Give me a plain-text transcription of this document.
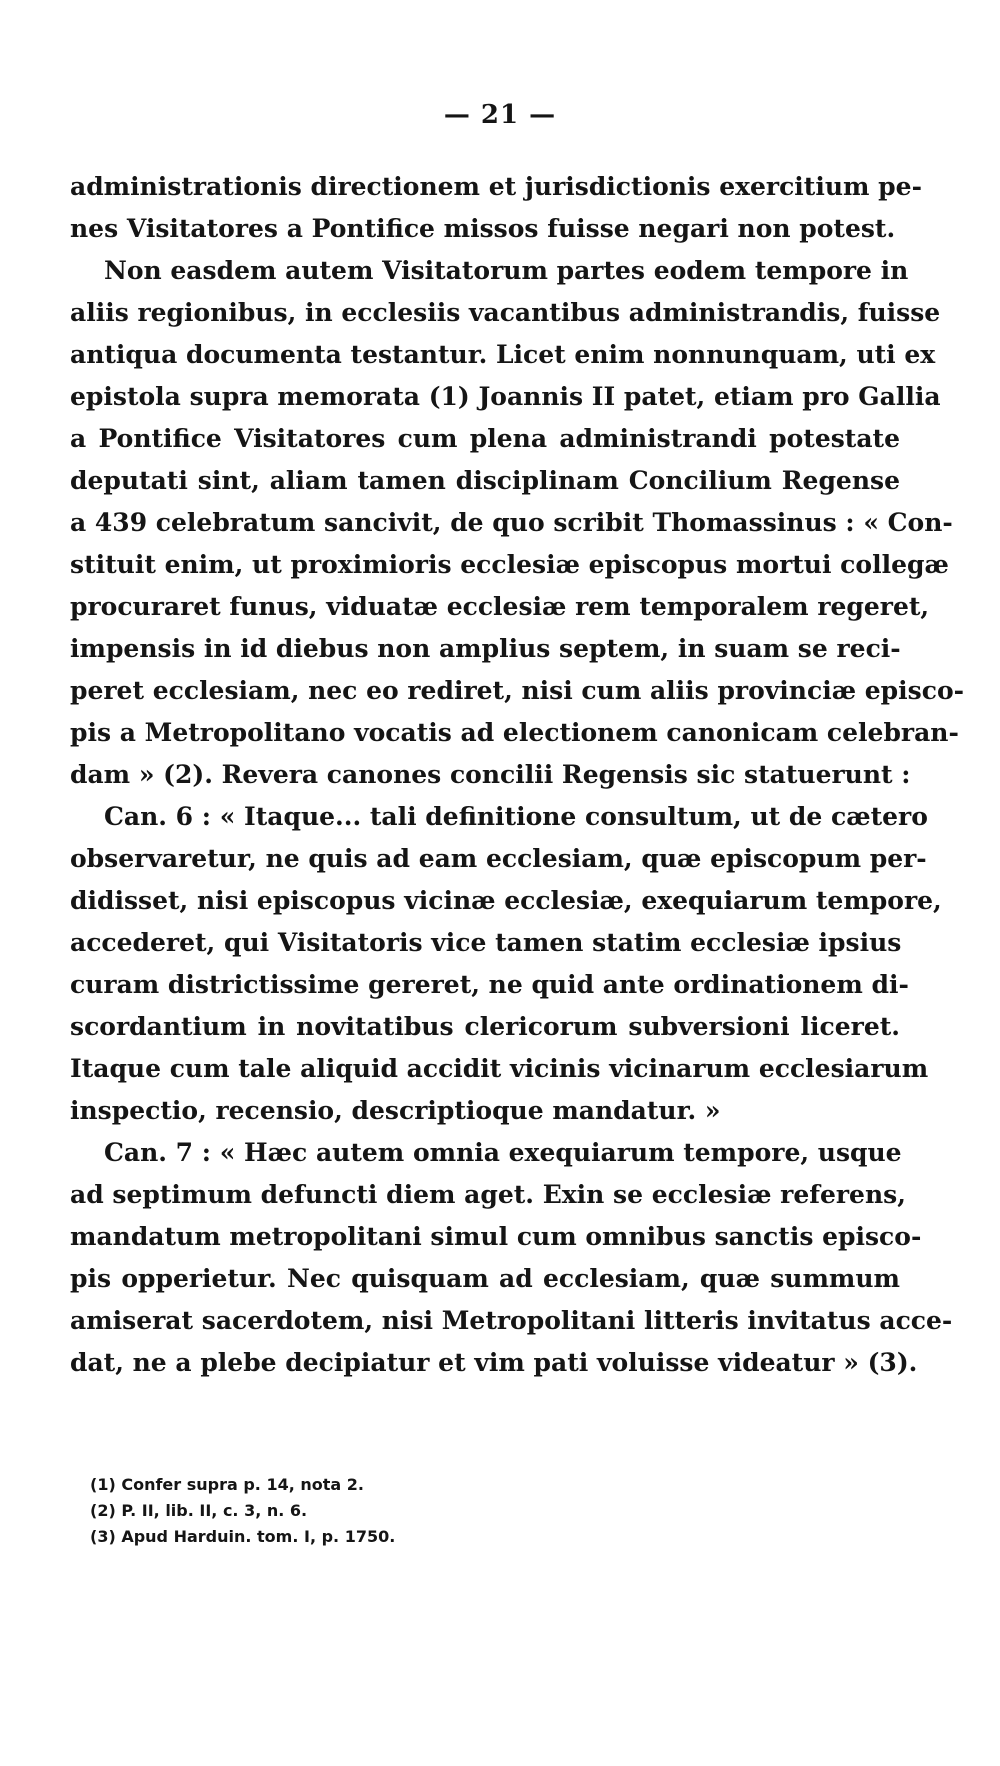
— 21 —
administrationis directionem et jurisdictionis exercitium pe-
nes Visitatores a Pontifice missos fuisse negari non potest.
Non easdem autem Visitatorum partes eodem tempore in
aliis regionibus, in ecclesiis vacantibus administrandis, fuisse
antiqua documenta testantur. Licet enim nonnunquam, uti ex
epistola supra memorata (1) Joannis II patet, etiam pro Gallia
a Pontifice Visitatores cum plena administrandi potestate
deputati sint, aliam tamen disciplinam Concilium Regense
a 439 celebratum sancivit, de quo scribit Thomassinus : « Con-
stituit enim, ut proximioris ecclesiæ episcopus mortui collegæ
procuraret funus, viduatæ ecclesiæ rem temporalem regeret,
impensis in id diebus non amplius septem, in suam se reci-
peret ecclesiam, nec eo rediret, nisi cum aliis provinciæ episco-
pis a Metropolitano vocatis ad electionem canonicam celebran-
dam » (2). Revera canones concilii Regensis sic statuerunt :
Can. 6 : « Itaque... tali definitione consultum, ut de cætero
observaretur, ne quis ad eam ecclesiam, quæ episcopum per-
didisset, nisi episcopus vicinæ ecclesiæ, exequiarum tempore,
accederet, qui Visitatoris vice tamen statim ecclesiæ ipsius
curam districtissime gereret, ne quid ante ordinationem di-
scordantium in novitatibus clericorum subversioni liceret.
Itaque cum tale aliquid accidit vicinis vicinarum ecclesiarum
inspectio, recensio, descriptioque mandatur. »
Can. 7 : « Hæc autem omnia exequiarum tempore, usque
ad septimum defuncti diem aget. Exin se ecclesiæ referens,
mandatum metropolitani simul cum omnibus sanctis episco-
pis opperietur. Nec quisquam ad ecclesiam, quæ summum
amiserat sacerdotem, nisi Metropolitani litteris invitatus acce-
dat, ne a plebe decipiatur et vim pati voluisse videatur » (3).
(1) Confer supra p. 14, nota 2.
(2) P. II, lib. II, c. 3, n. 6.
(3) Apud Harduin. tom. I, p. 1750.
